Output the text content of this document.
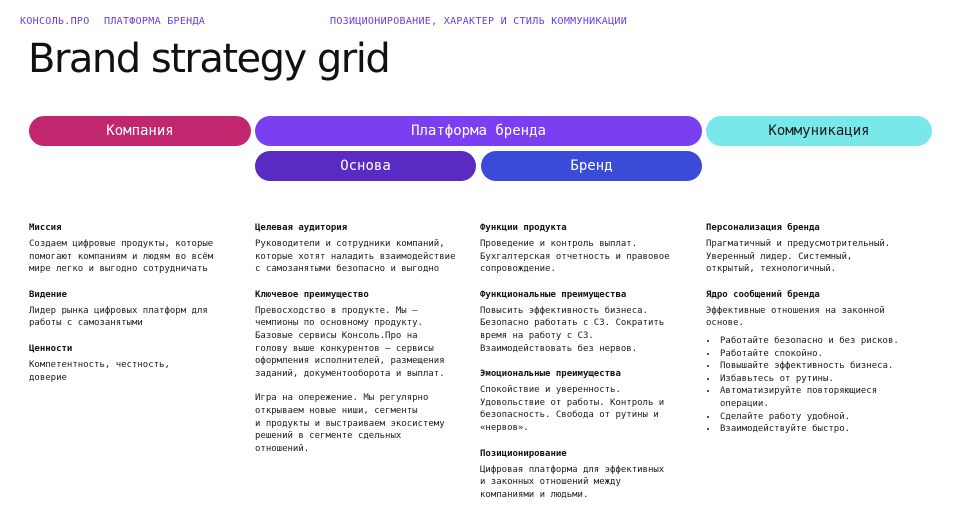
КОНСОЛЬ.ПРО ПЛАТФОРМА БРЕНДА	ПОЗИЦИОНИРОВАНИЕ, ХАРАКТЕР И СТИЛЬ КОММУНИКАЦИИ
Brand strategy grid
Компания	Платформа бренда	Коммуникация
Основа	Бренд
Миссия
Создаем цифровые продукты, которые
помогают компаниям и людям во всём
мире легко и выгодно сотрудничать
Видение
Лидер рынка цифровых платформ для
работы с самозанятыми
Ценности
Компетентность, честность,
доверие
Целевая аудитория
Руководители и сотрудники компаний,
которые хотят наладить взаимодействие
с самозанятыми безопасно и выгодно
Ключевое преимущество
Превосходство в продукте. Мы —
чемпионы по основному продукту.
Базовые сервисы Консоль.Про на
голову выше конкурентов — сервисы
оформления исполнителей, размещения
заданий, документооборота и выплат.
Игра на опережение. Мы регулярно
открываем новые ниши, сегменты
и продукты и выстраиваем экосистему
решений в сегменте сдельных
отношений.
Функции продукта
Проведение и контроль выплат.
Бухгалтерская отчетность и правовое
сопровождение.
Функциональные преимущества
Повысить эффективность бизнеса.
Безопасно работать с СЗ. Сократить
время на работу с СЗ.
Взаимодействовать без нервов.
Эмоциональные преимущества
Спокойствие и уверенность.
Удовольствие от работы. Контроль и
безопасность. Свобода от рутины и
«нервов».
Позиционирование
Цифровая платформа для эффективных
и законных отношений между
компаниями и людьми.
Персонализация бренда
Прагматичный и предусмотрительный.
Уверенный лидер. Системный,
открытый, технологичный.
Ядро сообщений бренда
Эффективные отношения на законной
основе.
• Работайте безопасно и без рисков.
• Работайте спокойно.
• Повышайте эффективность бизнеса.
• Избавьтесь от рутины.
• Автоматизируйте повторяющиеся операции.
• Сделайте работу удобной.
• Взаимодействуйте быстро.
